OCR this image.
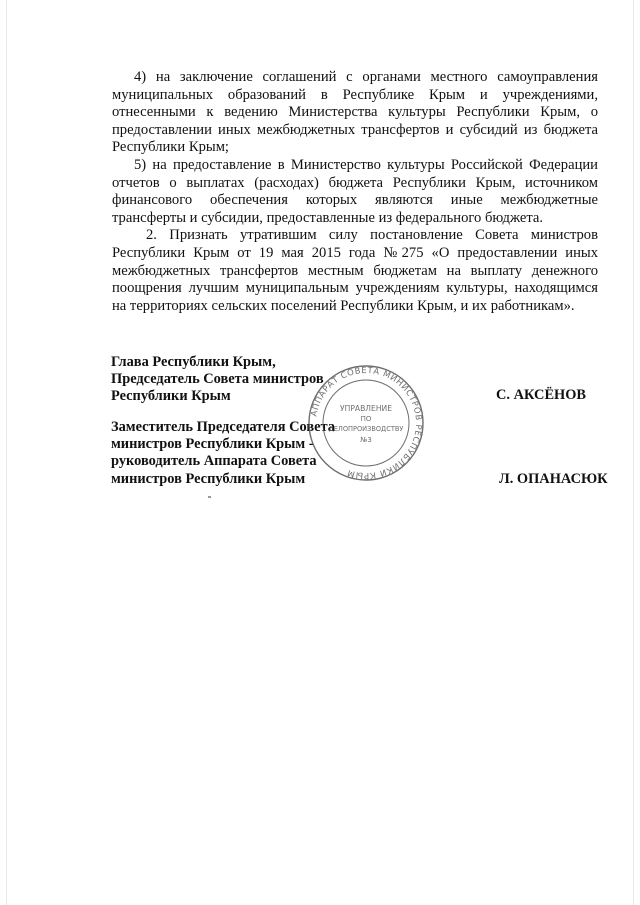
4) на заключение соглашений с органами местного самоуправления муниципальных образований в Республике Крым и учреждениями, отнесенными к ведению Министерства культуры Республики Крым, о предоставлении иных межбюджетных трансфертов и субсидий из бюджета Республики Крым;

5) на предоставление в Министерство культуры Российской Федерации отчетов о выплатах (расходах) бюджета Республики Крым, источником финансового обеспечения которых являются иные межбюджетные трансферты и субсидии, предоставленные из федерального бюджета.

2. Признать утратившим силу постановление Совета министров Республики Крым от 19 мая 2015 года №275 «О предоставлении иных межбюджетных трансфертов местным бюджетам на выплату денежного поощрения лучшим муниципальным учреждениям культуры, находящимся на территориях сельских поселений Республики Крым, и их работникам».

Глава Республики Крым,
Председатель Совета министров
Республики Крым	С. АКСЁНОВ
Заместитель Председателя Совета
министров Республики Крым -
руководитель Аппарата Совета
министров Республики Крым	Л. ОПАНАСЮК
АППАРАТ СОВЕТА МИНИСТРОВ РЕСПУБЛИКИ КРЫМ
УПРАВЛЕНИЕ
ПО
ДЕЛОПРОИЗВОДСТВУ
№3
